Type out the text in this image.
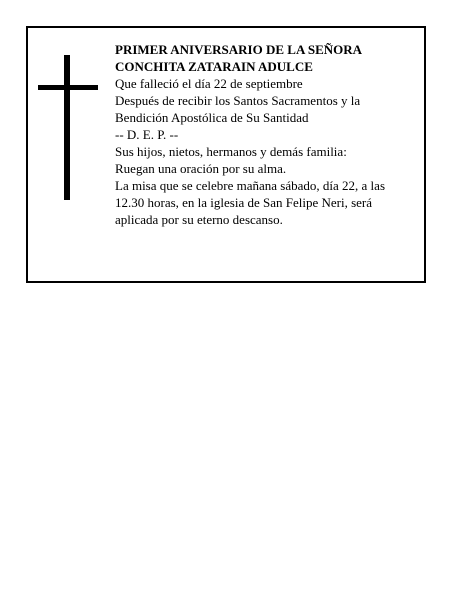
PRIMER ANIVERSARIO DE LA SEÑORA
CONCHITA ZATARAIN ADULCE
Que falleció el día 22 de septiembre
Después de recibir los Santos Sacramentos y la
Bendición Apostólica de Su Santidad
-- D. E. P. --
Sus hijos, nietos, hermanos y demás familia:
Ruegan una oración por su alma.
La misa que se celebre mañana sábado, día 22, a las
12.30 horas, en la iglesia de San Felipe Neri, será
aplicada por su eterno descanso.
